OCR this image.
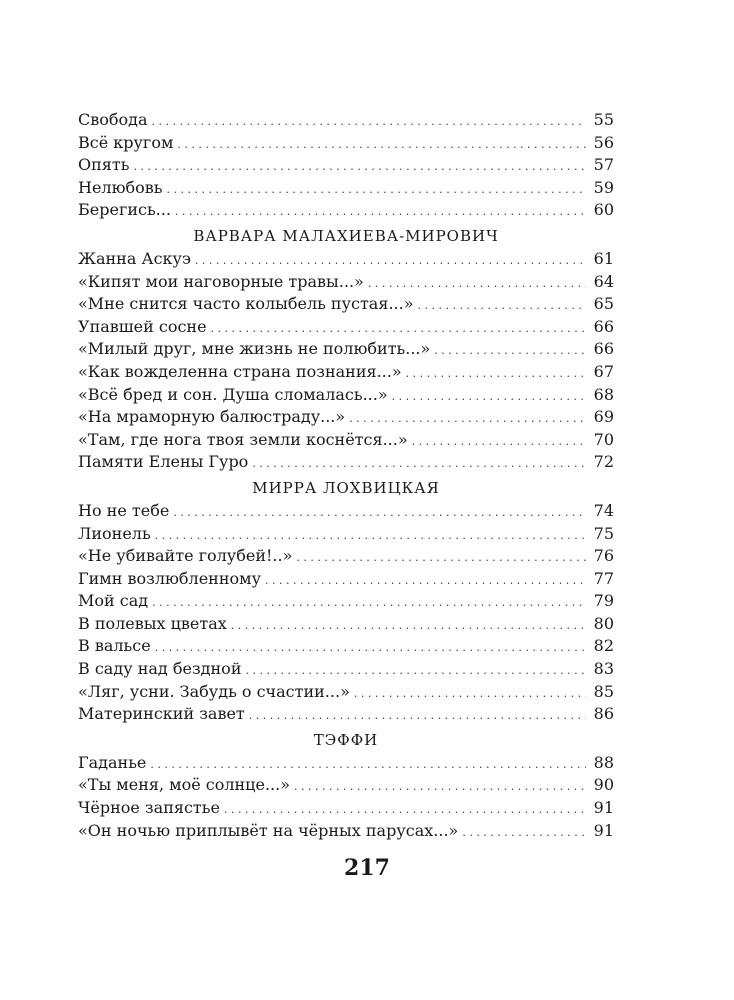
Свобода . . .	55
Всё кругом . . .	56
Опять . . .	57
Нелюбовь . . .	59
Берегись... . . .	60
ВАРВАРА МАЛАХИЕВА-МИРОВИЧ
Жанна Аскуэ . . .	61
«Кипят мои наговорные травы...» . . .	64
«Мне снится часто колыбель пустая...» . . .	65
Упавшей сосне . . .	66
«Милый друг, мне жизнь не полюбить...» . . .	66
«Как вожделенна страна познания...» . . .	67
«Всё бред и сон. Душа сломалась...» . . .	68
«На мраморную балюстраду...» . . .	69
«Там, где нога твоя земли коснётся...» . . .	70
Памяти Елены Гуро . . .	72
МИРРА ЛОХВИЦКАЯ
Но не тебе . . .	74
Лионель . . .	75
«Не убивайте голубей!..» . . .	76
Гимн возлюбленному . . .	77
Мой сад . . .	79
В полевых цветах . . .	80
В вальсе . . .	82
В саду над бездной . . .	83
«Ляг, усни. Забудь о счастии...» . . .	85
Материнский завет . . .	86
ТЭФФИ
Гаданье . . .	88
«Ты меня, моё солнце...» . . .	90
Чёрное запястье . . .	91
«Он ночью приплывёт на чёрных парусах...» . . .	91
217
